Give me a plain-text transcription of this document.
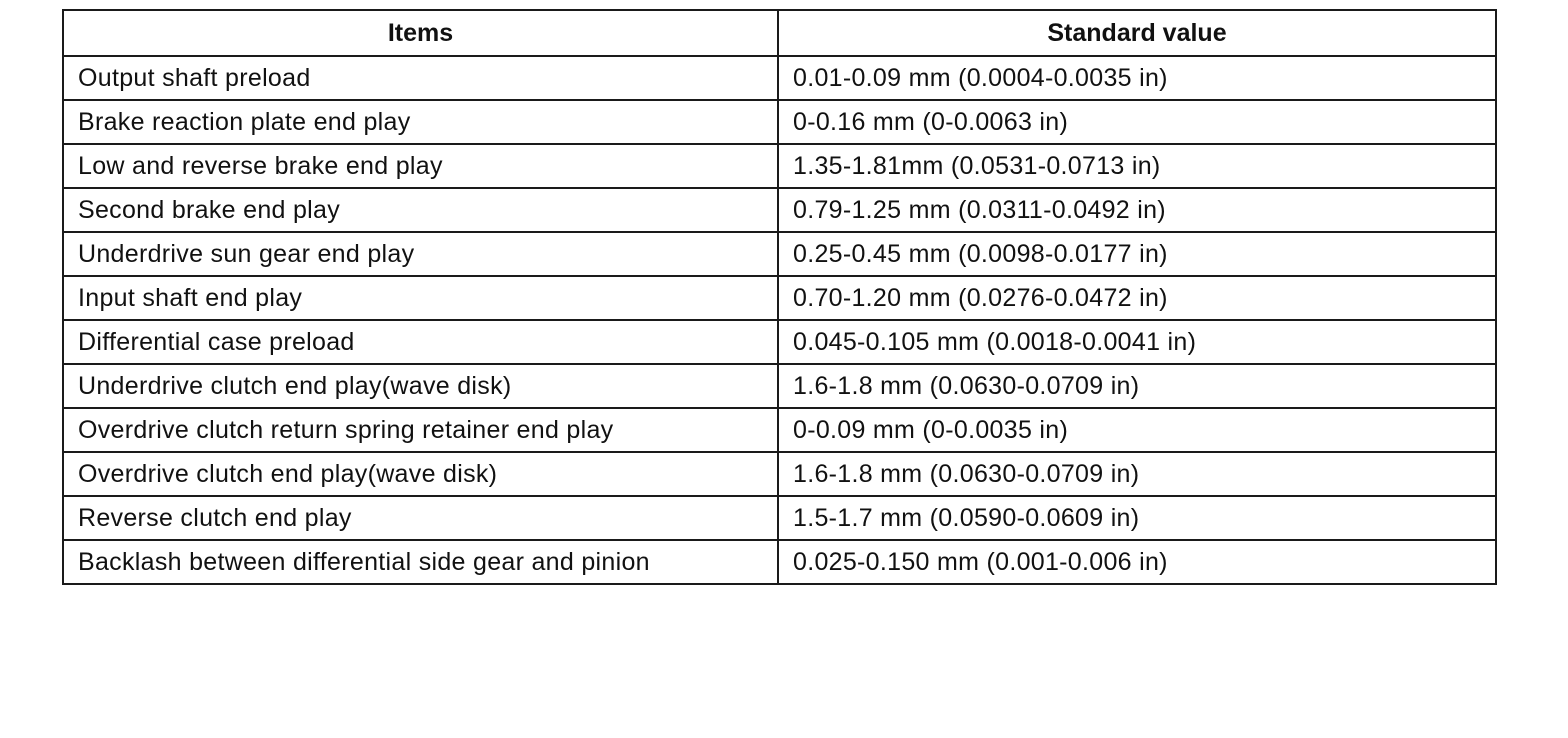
Items	Standard value
Output shaft preload	0.01-0.09 mm (0.0004-0.0035 in)
Brake reaction plate end play	0-0.16 mm (0-0.0063 in)
Low and reverse brake end play	1.35-1.81mm (0.0531-0.0713 in)
Second brake end play	0.79-1.25 mm (0.0311-0.0492 in)
Underdrive sun gear end play	0.25-0.45 mm (0.0098-0.0177 in)
Input shaft end play	0.70-1.20 mm (0.0276-0.0472 in)
Differential case preload	0.045-0.105 mm (0.0018-0.0041 in)
Underdrive clutch end play(wave disk)	1.6-1.8 mm (0.0630-0.0709 in)
Overdrive clutch return spring retainer end play	0-0.09 mm (0-0.0035 in)
Overdrive clutch end play(wave disk)	1.6-1.8 mm (0.0630-0.0709 in)
Reverse clutch end play	1.5-1.7 mm (0.0590-0.0609 in)
Backlash between differential side gear and pinion	0.025-0.150 mm (0.001-0.006 in)
